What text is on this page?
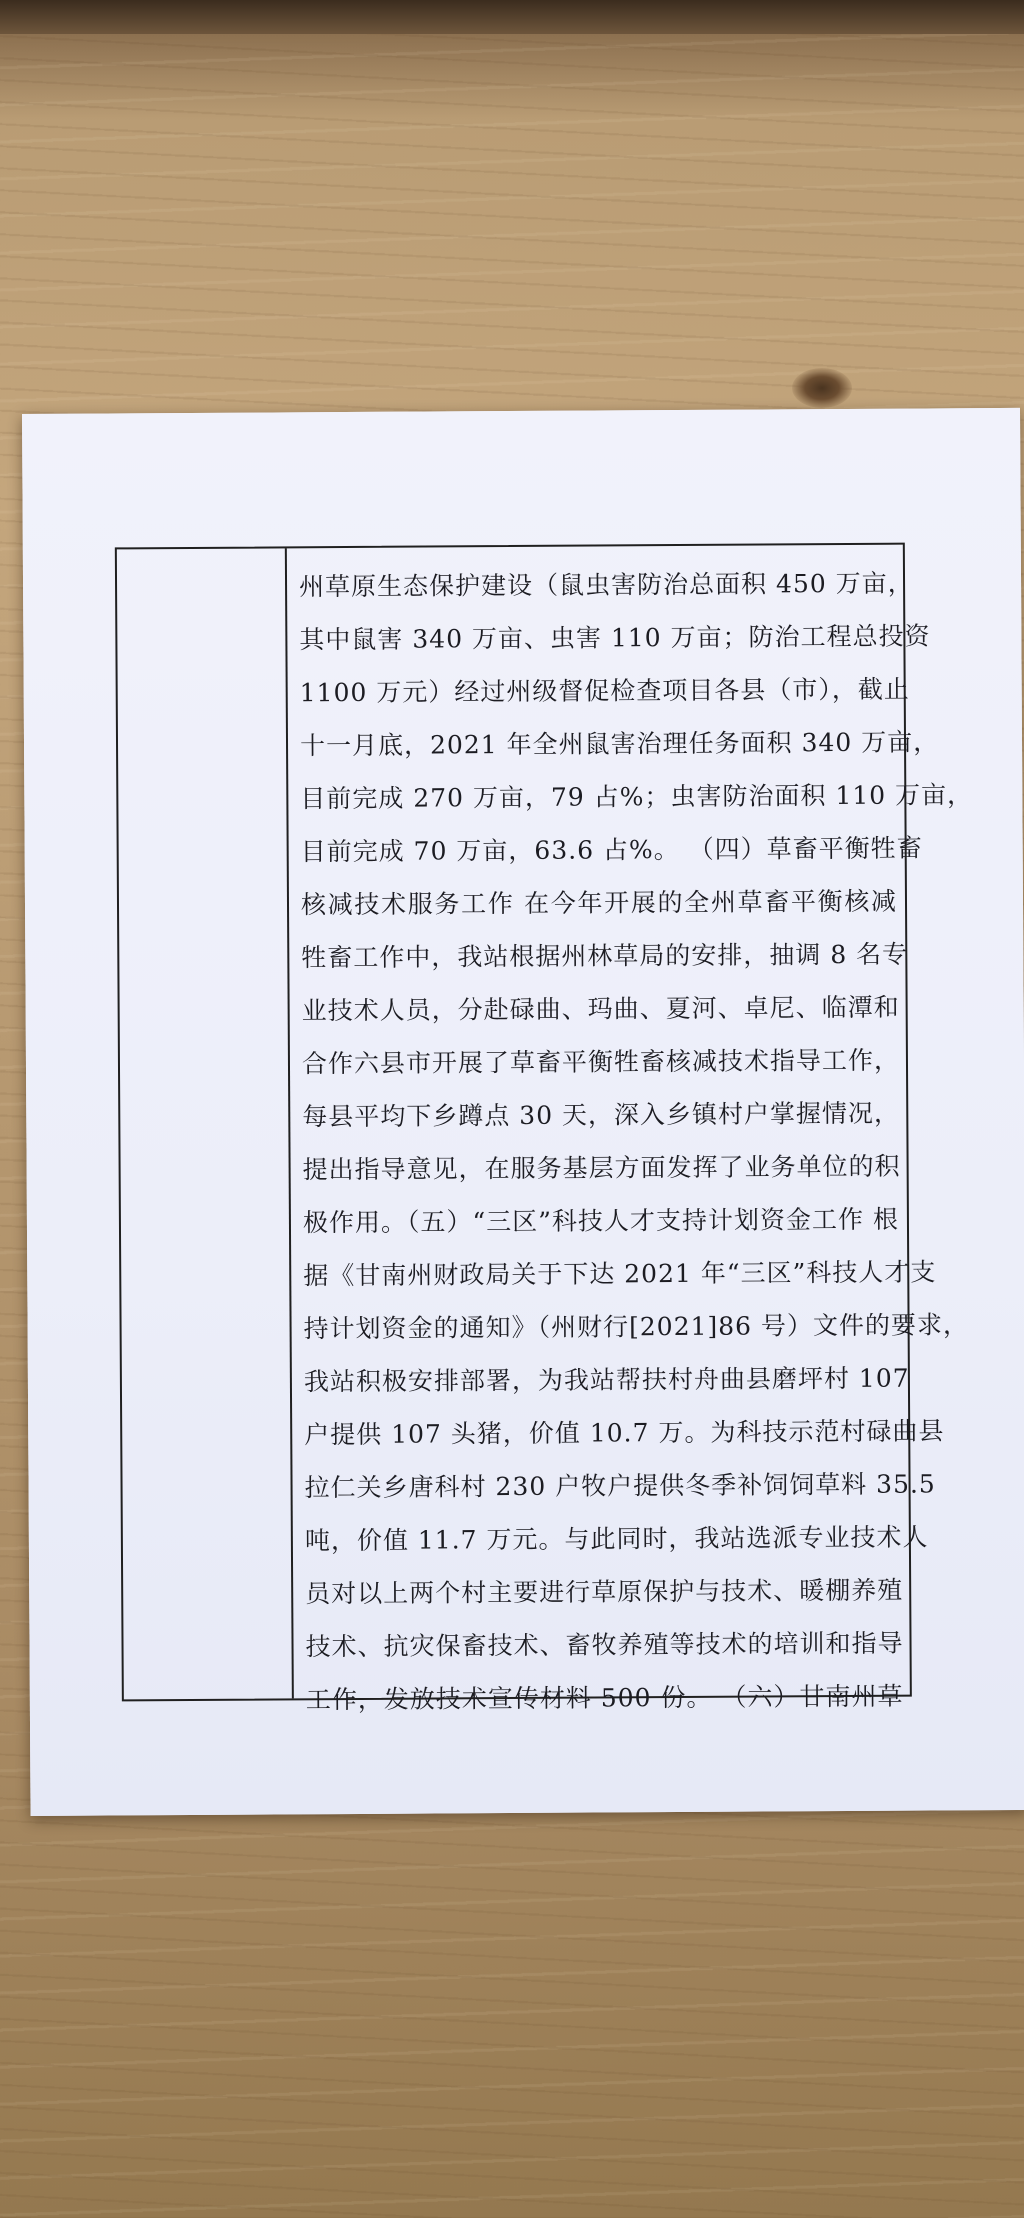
州草原生态保护建设（鼠虫害防治总面积 450 万亩，
其中鼠害 340 万亩、虫害 110 万亩；防治工程总投资
1100 万元）经过州级督促检查项目各县（市），截止
十一月底，2021 年全州鼠害治理任务面积 340 万亩，
目前完成 270 万亩，79 占%；虫害防治面积 110 万亩，
目前完成 70 万亩，63.6 占%。 （四）草畜平衡牲畜
核减技术服务工作 在今年开展的全州草畜平衡核减
牲畜工作中，我站根据州林草局的安排，抽调 8 名专
业技术人员，分赴碌曲、玛曲、夏河、卓尼、临潭和
合作六县市开展了草畜平衡牲畜核减技术指导工作，
每县平均下乡蹲点 30 天，深入乡镇村户掌握情况，
提出指导意见，在服务基层方面发挥了业务单位的积
极作用。（五）“三区”科技人才支持计划资金工作 根
据《甘南州财政局关于下达 2021 年“三区”科技人才支
持计划资金的通知》（州财行[2021]86 号）文件的要求，
我站积极安排部署，为我站帮扶村舟曲县磨坪村 107
户提供 107 头猪，价值 10.7 万。为科技示范村碌曲县
拉仁关乡唐科村 230 户牧户提供冬季补饲饲草料 35.5
吨，价值 11.7 万元。与此同时，我站选派专业技术人
员对以上两个村主要进行草原保护与技术、暖棚养殖
技术、抗灾保畜技术、畜牧养殖等技术的培训和指导
工作，发放技术宣传材料 500 份。 （六）甘南州草
